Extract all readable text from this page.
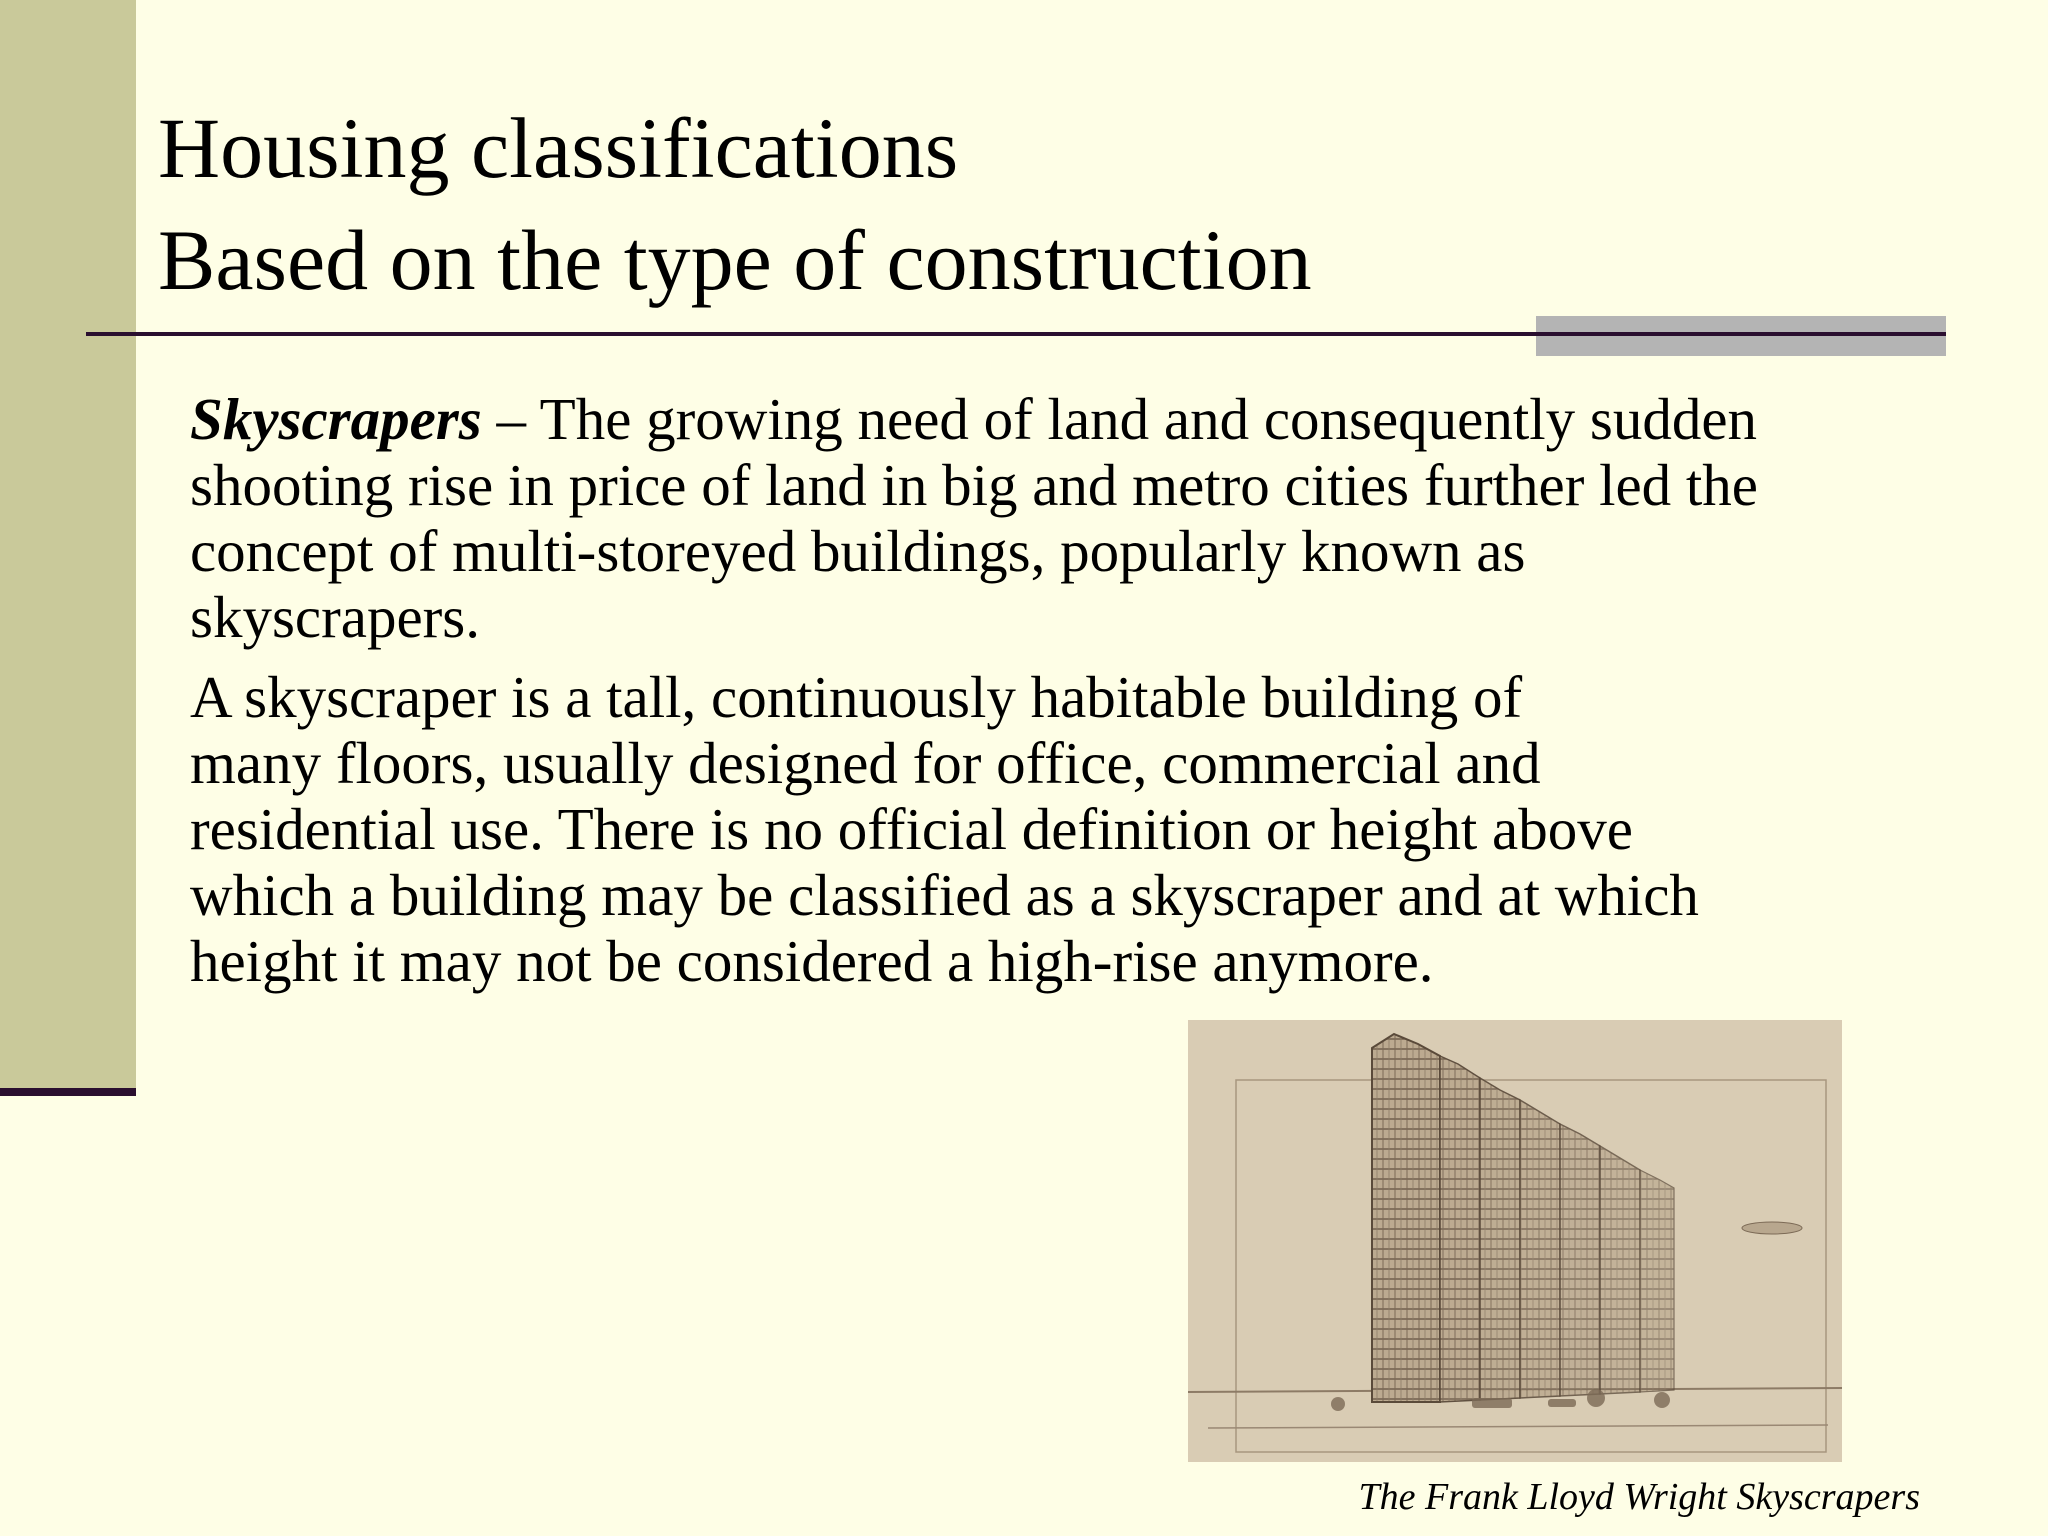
Housing classifications
Based on the type of construction

Skyscrapers – The growing need of land and consequently sudden
shooting rise in price of land in big and metro cities further led the
concept of multi-storeyed buildings, popularly known as
skyscrapers.

A skyscraper is a tall, continuously habitable building of
many floors, usually designed for office, commercial and
residential use. There is no official definition or height above
which a building may be classified as a skyscraper and at which
height it may not be considered a high-rise anymore.

The Frank Lloyd Wright Skyscrapers
